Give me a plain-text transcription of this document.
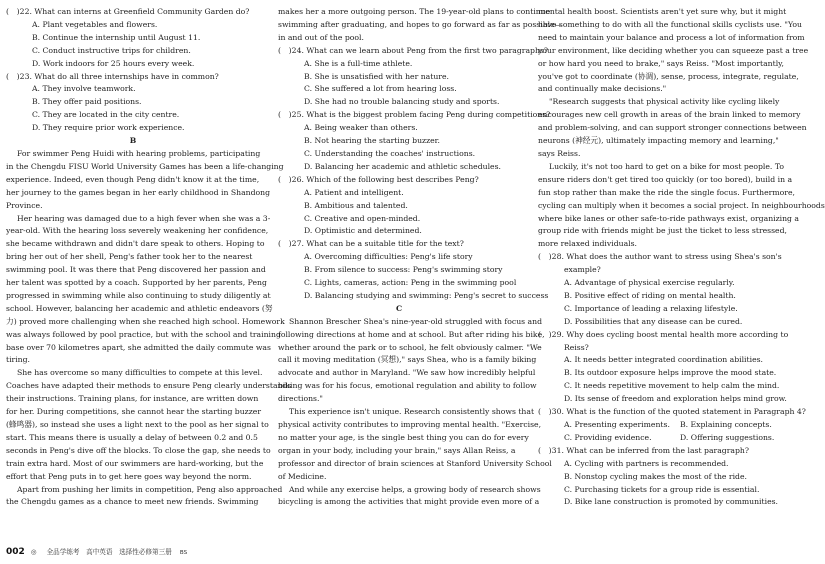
(　)22. What can interns at Greenfield Community Garden do?
A. Plant vegetables and flowers.
B. Continue the internship until August 11.
C. Conduct instructive trips for children.
D. Work indoors for 25 hours every week.
(　)23. What do all three internships have in common?
A. They involve teamwork.
B. They offer paid positions.
C. They are located in the city centre.
D. They require prior work experience.
B
For swimmer Peng Huidi with hearing problems, participating
in the Chengdu FISU World University Games has been a life-changing
experience. Indeed, even though Peng didn't know it at the time,
her journey to the games began in her early childhood in Shandong
Province.
Her hearing was damaged due to a high fever when she was a 3-
year-old. With the hearing loss severely weakening her confidence,
she became withdrawn and didn't dare speak to others. Hoping to
bring her out of her shell, Peng's father took her to the nearest
swimming pool. It was there that Peng discovered her passion and
her talent was spotted by a coach. Supported by her parents, Peng
progressed in swimming while also continuing to study diligently at
school. However, balancing her academic and athletic endeavors (努
力) proved more challenging when she reached high school. Homework
was always followed by pool practice, but with the school and training
base over 70 kilometres apart, she admitted the daily commute was
tiring.
She has overcome so many difficulties to compete at this level.
Coaches have adapted their methods to ensure Peng clearly understands
their instructions. Training plans, for instance, are written down
for her. During competitions, she cannot hear the starting buzzer
(蜂鸣器), so instead she uses a light next to the pool as her signal to
start. This means there is usually a delay of between 0.2 and 0.5
seconds in Peng's dive off the blocks. To close the gap, she needs to
train extra hard. Most of our swimmers are hard-working, but the
effort that Peng puts in to get here goes way beyond the norm.
Apart from pushing her limits in competition, Peng also approached
the Chengdu games as a chance to meet new friends. Swimming
makes her a more outgoing person. The 19-year-old plans to continue
swimming after graduating, and hopes to go forward as far as possible—
in and out of the pool.
(　)24. What can we learn about Peng from the first two paragraphs?
A. She is a full-time athlete.
B. She is unsatisfied with her nature.
C. She suffered a lot from hearing loss.
D. She had no trouble balancing study and sports.
(　)25. What is the biggest problem facing Peng during competitions?
A. Being weaker than others.
B. Not hearing the starting buzzer.
C. Understanding the coaches' instructions.
D. Balancing her academic and athletic schedules.
(　)26. Which of the following best describes Peng?
A. Patient and intelligent.
B. Ambitious and talented.
C. Creative and open-minded.
D. Optimistic and determined.
(　)27. What can be a suitable title for the text?
A. Overcoming difficulties: Peng's life story
B. From silence to success: Peng's swimming story
C. Lights, cameras, action: Peng in the swimming pool
D. Balancing studying and swimming: Peng's secret to success
C
Shannon Brescher Shea's nine-year-old struggled with focus and
following directions at home and at school. But after riding his bike,
whether around the park or to school, he felt obviously calmer. "We
call it moving meditation (冥想)," says Shea, who is a family biking
advocate and author in Maryland. "We saw how incredibly helpful
biking was for his focus, emotional regulation and ability to follow
directions."
This experience isn't unique. Research consistently shows that
physical activity contributes to improving mental health. "Exercise,
no matter your age, is the single best thing you can do for every
organ in your body, including your brain," says Allan Reiss, a
professor and director of brain sciences at Stanford University School
of Medicine.
And while any exercise helps, a growing body of research shows
bicycling is among the activities that might provide even more of a
mental health boost. Scientists aren't yet sure why, but it might
have something to do with all the functional skills cyclists use. "You
need to maintain your balance and process a lot of information from
your environment, like deciding whether you can squeeze past a tree
or how hard you need to brake," says Reiss. "Most importantly,
you've got to coordinate (协调), sense, process, integrate, regulate,
and continually make decisions."
"Research suggests that physical activity like cycling likely
encourages new cell growth in areas of the brain linked to memory
and problem-solving, and can support stronger connections between
neurons (神经元), ultimately impacting memory and learning,"
says Reiss.
Luckily, it's not too hard to get on a bike for most people. To
ensure riders don't get tired too quickly (or too bored), build in a
fun stop rather than make the ride the single focus. Furthermore,
cycling can multiply when it becomes a social project. In neighbourhoods
where bike lanes or other safe-to-ride pathways exist, organizing a
group ride with friends might be just the ticket to less stressed,
more relaxed individuals.
(　)28. What does the author want to stress using Shea's son's
example?
A. Advantage of physical exercise regularly.
B. Positive effect of riding on mental health.
C. Importance of leading a relaxing lifestyle.
D. Possibilities that any disease can be cured.
(　)29. Why does cycling boost mental health more according to
Reiss?
A. It needs better integrated coordination abilities.
B. Its outdoor exposure helps improve the mood state.
C. It needs repetitive movement to help calm the mind.
D. Its sense of freedom and exploration helps mind grow.
(　)30. What is the function of the quoted statement in Paragraph 4?
A. Presenting experiments.	B. Explaining concepts.
C. Providing evidence.	D. Offering suggestions.
(　)31. What can be inferred from the last paragraph?
A. Cycling with partners is recommended.
B. Nonstop cycling makes the most of the ride.
C. Purchasing tickets for a group ride is essential.
D. Bike lane construction is promoted by communities.
002 ◎ 全品学练考　 高中英语　选择性必修第三册 BS
